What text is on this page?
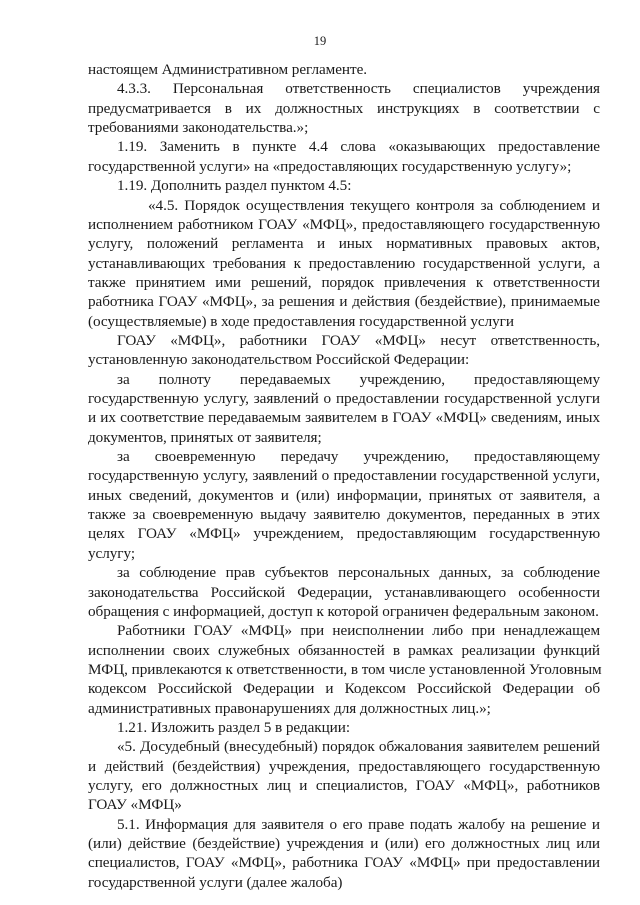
19
настоящем Административном регламенте.
4.3.3. Персональная ответственность специалистов учреждения
предусматривается в их должностных инструкциях в соответствии с
требованиями законодательства.»;
1.19. Заменить в пункте 4.4 слова «оказывающих предоставление
государственной услуги» на «предоставляющих государственную услугу»;
1.19. Дополнить раздел пунктом 4.5:
«4.5. Порядок осуществления текущего контроля за соблюдением и
исполнением работником ГОАУ «МФЦ», предоставляющего государственную
услугу, положений регламента и иных нормативных правовых актов,
устанавливающих требования к предоставлению государственной услуги, а
также принятием ими решений, порядок привлечения к ответственности
работника ГОАУ «МФЦ», за решения и действия (бездействие), принимаемые
(осуществляемые) в ходе предоставления государственной услуги
ГОАУ «МФЦ», работники ГОАУ «МФЦ» несут ответственность,
установленную законодательством Российской Федерации:
за полноту передаваемых учреждению, предоставляющему
государственную услугу, заявлений о предоставлении государственной услуги
и их соответствие передаваемым заявителем в ГОАУ «МФЦ» сведениям, иных
документов, принятых от заявителя;
за своевременную передачу учреждению, предоставляющему
государственную услугу, заявлений о предоставлении государственной услуги,
иных сведений, документов и (или) информации, принятых от заявителя, а
также за своевременную выдачу заявителю документов, переданных в этих
целях ГОАУ «МФЦ» учреждением, предоставляющим государственную
услугу;
за соблюдение прав субъектов персональных данных, за соблюдение
законодательства Российской Федерации, устанавливающего особенности
обращения с информацией, доступ к которой ограничен федеральным законом.
Работники ГОАУ «МФЦ» при неисполнении либо при ненадлежащем
исполнении своих служебных обязанностей в рамках реализации функций
МФЦ, привлекаются к ответственности, в том числе установленной Уголовным
кодексом Российской Федерации и Кодексом Российской Федерации об
административных правонарушениях для должностных лиц.»;
1.21. Изложить раздел 5 в редакции:
«5. Досудебный (внесудебный) порядок обжалования заявителем решений
и действий (бездействия) учреждения, предоставляющего государственную
услугу, его должностных лиц и специалистов, ГОАУ «МФЦ», работников
ГОАУ «МФЦ»
5.1. Информация для заявителя о его праве подать жалобу на решение и
(или) действие (бездействие) учреждения и (или) его должностных лиц или
специалистов, ГОАУ «МФЦ», работника ГОАУ «МФЦ» при предоставлении
государственной услуги (далее жалоба)
